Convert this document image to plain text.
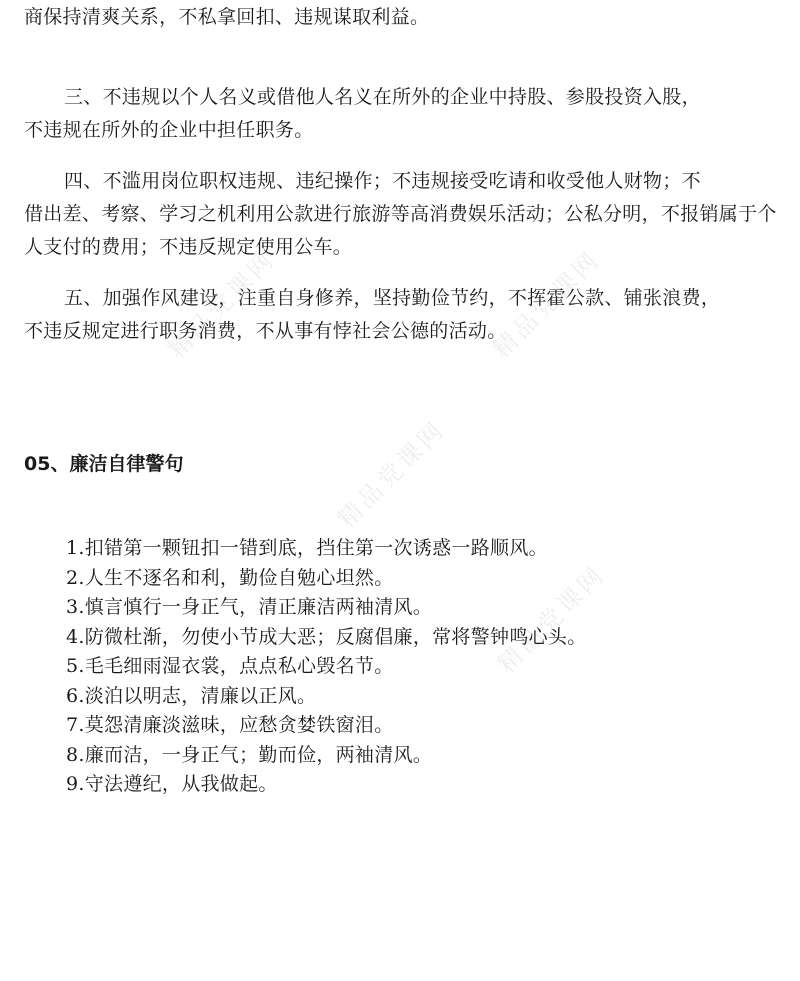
精品党课网	精品党课网
精品党课网
精品党课网

商保持清爽关系，不私拿回扣、违规谋取利益。

三、不违规以个人名义或借他人名义在所外的企业中持股、参股投资入股，
不违规在所外的企业中担任职务。

四、不滥用岗位职权违规、违纪操作；不违规接受吃请和收受他人财物；不
借出差、考察、学习之机利用公款进行旅游等高消费娱乐活动；公私分明，不报销属于个人支付的费用；不违反规定使用公车。

五、加强作风建设，注重自身修养，坚持勤俭节约，不挥霍公款、铺张浪费，
不违反规定进行职务消费，不从事有悖社会公德的活动。

05、廉洁自律警句
1.扣错第一颗钮扣一错到底，挡住第一次诱惑一路顺风。
2.人生不逐名和利，勤俭自勉心坦然。
3.慎言慎行一身正气，清正廉洁两袖清风。
4.防微杜渐，勿使小节成大恶；反腐倡廉，常将警钟鸣心头。
5.毛毛细雨湿衣裳，点点私心毁名节。
6.淡泊以明志，清廉以正风。
7.莫怨清廉淡滋味，应愁贪婪铁窗泪。
8.廉而洁，一身正气；勤而俭，两袖清风。
9.守法遵纪，从我做起。
